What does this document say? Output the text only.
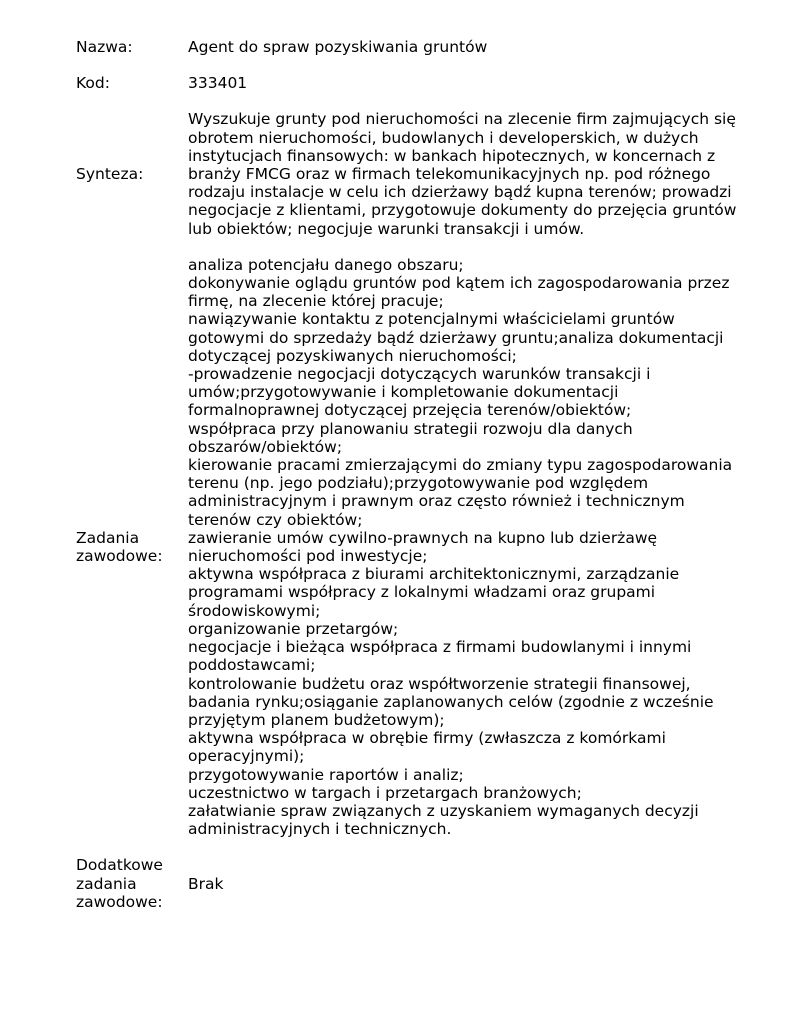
Nazwa:	Agent do spraw pozyskiwania gruntów
Kod:	333401
Synteza:
Wyszukuje grunty pod nieruchomości na zlecenie firm zajmujących się obrotem nieruchomości, budowlanych i developerskich, w dużych instytucjach finansowych: w bankach hipotecznych, w koncernach z branży FMCG oraz w firmach telekomunikacyjnych np. pod różnego rodzaju instalacje w celu ich dzierżawy bądź kupna terenów; prowadzi negocjacje z klientami, przygotowuje dokumenty do przejęcia gruntów lub obiektów; negocjuje warunki transakcji i umów.
Zadania
zawodowe:

analiza potencjału danego obszaru;

dokonywanie oglądu gruntów pod kątem ich zagospodarowania przez firmę, na zlecenie której pracuje;

nawiązywanie kontaktu z potencjalnymi właścicielami gruntów gotowymi do sprzedaży bądź dzierżawy gruntu;analiza dokumentacji dotyczącej pozyskiwanych nieruchomości;

-prowadzenie negocjacji dotyczących warunków transakcji i umów;przygotowywanie i kompletowanie dokumentacji formalnoprawnej dotyczącej przejęcia terenów/obiektów;

współpraca przy planowaniu strategii rozwoju dla danych obszarów/obiektów;

kierowanie pracami zmierzającymi do zmiany typu zagospodarowania terenu (np. jego podziału);przygotowywanie pod względem administracyjnym i prawnym oraz często również i technicznym terenów czy obiektów;

zawieranie umów cywilno-prawnych na kupno lub dzierżawę nieruchomości pod inwestycje;

aktywna współpraca z biurami architektonicznymi, zarządzanie programami współpracy z lokalnymi władzami oraz grupami środowiskowymi;

organizowanie przetargów;

negocjacje i bieżąca współpraca z firmami budowlanymi i innymi poddostawcami;

kontrolowanie budżetu oraz współtworzenie strategii finansowej, badania rynku;osiąganie zaplanowanych celów (zgodnie z wcześnie przyjętym planem budżetowym);

aktywna współpraca w obrębie firmy (zwłaszcza z komórkami operacyjnymi);

przygotowywanie raportów i analiz;

uczestnictwo w targach i przetargach branżowych;

załatwianie spraw związanych z uzyskaniem wymaganych decyzji administracyjnych i technicznych.

Dodatkowe
zadania
zawodowe:
Brak
